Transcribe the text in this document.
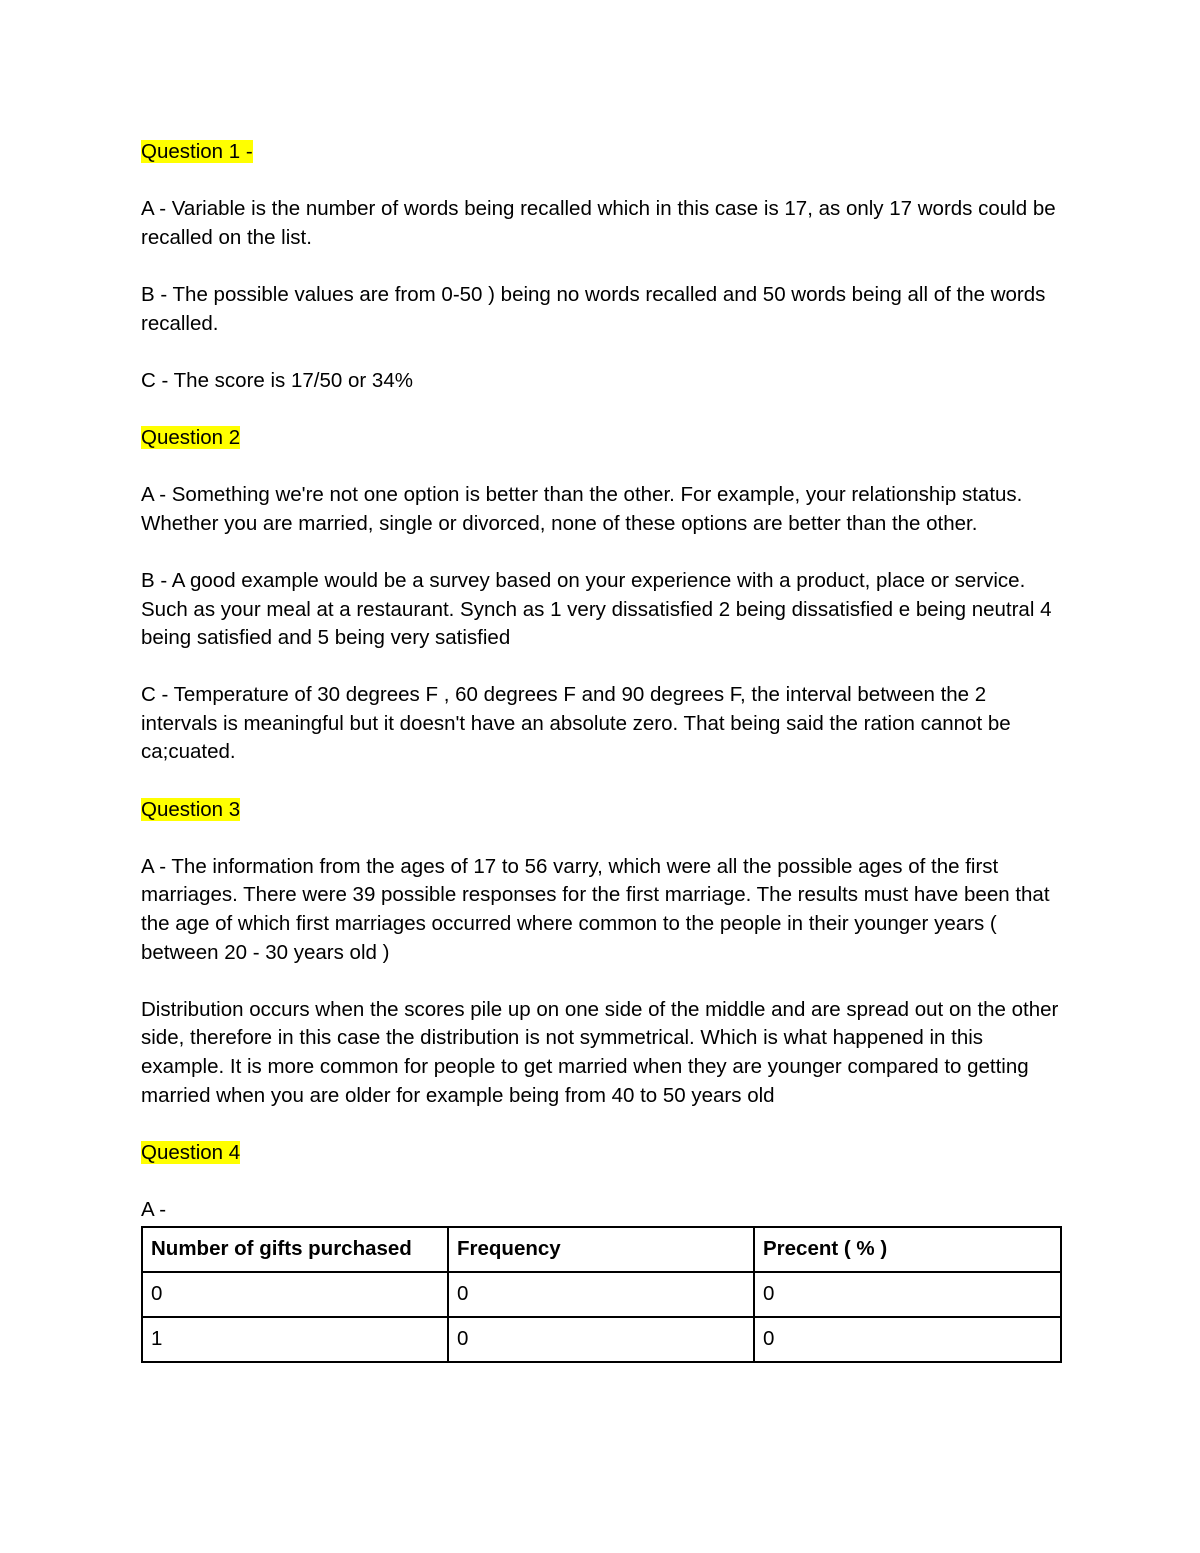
Question 1 -

A - Variable is the number of words being recalled which in this case is 17, as only 17 words could be recalled on the list.

B - The possible values are from 0-50 ) being no words recalled and 50 words being all of the words recalled.

C - The score is 17/50 or 34%

Question 2

A - Something we're not one option is better than the other. For example, your relationship status. Whether you are married, single or divorced, none of these options are better than the other.

B - A good example would be a survey based on your experience with a product, place or service. Such as your meal at a restaurant. Synch as 1 very dissatisfied 2 being dissatisfied e being neutral 4 being satisfied and 5 being very satisfied

C - Temperature of 30 degrees F , 60 degrees F and 90 degrees F, the interval between the 2 intervals is meaningful but it doesn't have an absolute zero. That being said the ration cannot be ca;cuated.

Question 3

A - The information from the ages of 17 to 56 varry, which were all the possible ages of the first marriages. There were 39 possible responses for the first marriage. The results must have been that the age of which first marriages occurred where common to the people in their younger years ( between 20 - 30 years old )

Distribution occurs when the scores pile up on one side of the middle and are spread out on the other side, therefore in this case the distribution is not symmetrical. Which is what happened in this example. It is more common for people to get married when they are younger compared to getting married when you are older for example being from 40 to 50 years old

Question 4

A -

Number of gifts purchased	Frequency	Precent ( % )
0	0	0
1	0	0
